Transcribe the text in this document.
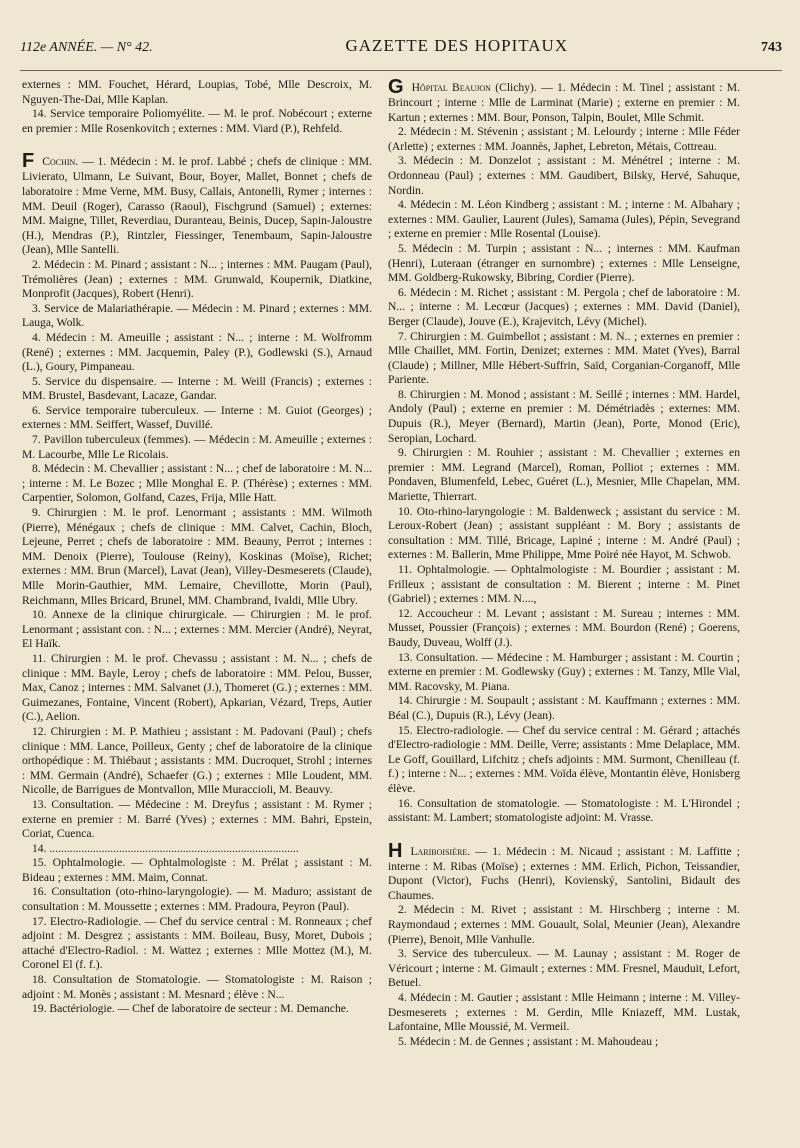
112e ANNÉE. — N° 42.	GAZETTE DES HOPITAUX	743

externes : MM. Fouchet, Hérard, Loupias, Tobé, Mlle Descroix, M. Nguyen-The-Dai, Mlle Kaplan.

14. Service temporaire Poliomyélite. — M. le prof. Nobécourt ; externe en premier : Mlle Rosenkovitch ; externes : MM. Viard (P.), Rehfeld.

F Cochin. — 1. Médecin : M. le prof. Labbé ; chefs de clinique : MM. Livierato, Ulmann, Le Suivant, Bour, Boyer, Mallet, Bonnet ; chefs de laboratoire : Mme Verne, MM. Busy, Callais, Antonelli, Rymer ; internes : MM. Deuil (Roger), Carasso (Raoul), Fischgrund (Samuel) ; externes: MM. Maigne, Tillet, Reverdiau, Duranteau, Beinis, Ducep, Sapin-Jaloustre (H.), Mendras (P.), Rintzler, Fiessinger, Tenembaum, Sapin-Jaloustre (Jean), Mlle Santelli.

2. Médecin : M. Pinard ; assistant : N... ; internes : MM. Paugam (Paul), Trémolières (Jean) ; externes : MM. Grunwald, Koupernik, Diatkine, Monprofit (Jacques), Robert (Henri).

3. Service de Malariathérapie. — Médecin : M. Pinard ; externes : MM. Lauga, Wolk.

4. Médecin : M. Ameuille ; assistant : N... ; interne : M. Wolfromm (René) ; externes : MM. Jacquemin, Paley (P.), Godlewski (S.), Arnaud (L.), Goury, Pimpaneau.

5. Service du dispensaire. — Interne : M. Weill (Francis) ; externes : MM. Brustel, Basdevant, Lacaze, Gandar.

6. Service temporaire tuberculeux. — Interne : M. Guiot (Georges) ; externes : MM. Seiffert, Wassef, Duvillé.

7. Pavillon tuberculeux (femmes). — Médecin : M. Ameuille ; externes : M. Lacourbe, Mlle Le Ricolais.

8. Médecin : M. Chevallier ; assistant : N... ; chef de laboratoire : M. N... ; interne : M. Le Bozec ; Mlle Monghal E. P. (Thérèse) ; externes : MM. Carpentier, Solomon, Golfand, Cazes, Frija, Mlle Hatt.

9. Chirurgien : M. le prof. Lenormant ; assistants : MM. Wilmoth (Pierre), Ménégaux ; chefs de clinique : MM. Calvet, Cachin, Bloch, Lejeune, Perret ; chefs de laboratoire : MM. Beauny, Perrot ; internes : MM. Denoix (Pierre), Toulouse (Reiny), Koskinas (Moïse), Richet; externes : MM. Brun (Marcel), Lavat (Jean), Villey-Desmeserets (Claude), Mlle Morin-Gauthier, MM. Lemaire, Chevillotte, Morin (Paul), Reichmann, Mlles Bricard, Brunel, MM. Chambrand, Ivaldi, Mlle Ubry.

10. Annexe de la clinique chirurgicale. — Chirurgien : M. le prof. Lenormant ; assistant con. : N... ; externes : MM. Mercier (André), Neyrat, El Haïk.

11. Chirurgien : M. le prof. Chevassu ; assistant : M. N... ; chefs de clinique : MM. Bayle, Leroy ; chefs de laboratoire : MM. Pelou, Busser, Max, Canoz ; internes : MM. Salvanet (J.), Thomeret (G.) ; externes : MM. Guimezanes, Fontaine, Vincent (Robert), Apkarian, Vézard, Treps, Autier (C.), Aelion.

12. Chirurgien : M. P. Mathieu ; assistant : M. Padovani (Paul) ; chefs clinique : MM. Lance, Poilleux, Genty ; chef de laboratoire de la clinique orthopédique : M. Thiébaut ; assistants : MM. Ducroquet, Strohl ; internes : MM. Germain (André), Schaefer (G.) ; externes : Mlle Loudent, MM. Nicolle, de Barrigues de Montvallon, Mlle Muraccioli, M. Beauvy.

13. Consultation. — Médecine : M. Dreyfus ; assistant : M. Rymer ; externe en premier : M. Barré (Yves) ; externes : MM. Bahri, Epstein, Coriat, Cuenca.

14. ......................................................................................

15. Ophtalmologie. — Ophtalmologiste : M. Prélat ; assistant : M. Bideau ; externes : MM. Maim, Connat.

16. Consultation (oto-rhino-laryngologie). — M. Maduro; assistant de consultation : M. Moussette ; externes : MM. Pradoura, Peyron (Paul).

17. Electro-Radiologie. — Chef du service central : M. Ronneaux ; chef adjoint : M. Desgrez ; assistants : MM. Boileau, Busy, Moret, Dubois ; attaché d'Electro-Radiol. : M. Wattez ; externes : Mlle Mottez (M.), M. Coronel El (f. f.).

18. Consultation de Stomatologie. — Stomatologiste : M. Raison ; adjoint : M. Monès ; assistant : M. Mesnard ; élève : N...

19. Bactériologie. — Chef de laboratoire de secteur : M. Demanche.

G Hôpital Beaujon (Clichy). — 1. Médecin : M. Tinel ; assistant : M. Brincourt ; interne : Mlle de Larminat (Marie) ; externe en premier : M. Kartun ; externes : MM. Bour, Ponson, Talpin, Boulet, Mlle Schmit.

2. Médecin : M. Stévenin ; assistant ; M. Lelourdy ; interne : Mlle Féder (Arlette) ; externes : MM. Joannès, Japhet, Lebreton, Métais, Cottreau.

3. Médecin : M. Donzelot ; assistant : M. Ménétrel ; interne : M. Ordonneau (Paul) ; externes : MM. Gaudibert, Bilsky, Hervé, Sahuque, Nordin.

4. Médecin : M. Léon Kindberg ; assistant : M. ; interne : M. Albahary ; externes : MM. Gaulier, Laurent (Jules), Samama (Jules), Pépin, Sevegrand ; externe en premier : Mlle Rosental (Louise).

5. Médecin : M. Turpin ; assistant : N... ; internes : MM. Kaufman (Henri), Luteraan (étranger en surnombre) ; externes : Mlle Lenseigne, MM. Goldberg-Rukowsky, Bibring, Cordier (Pierre).

6. Médecin : M. Richet ; assistant : M. Pergola ; chef de laboratoire : M. N... ; interne : M. Lecœur (Jacques) ; externes : MM. David (Daniel), Berger (Claude), Jouve (E.), Krajevitch, Lévy (Michel).

7. Chirurgien : M. Guimbellot ; assistant : M. N.. ; externes en premier : Mlle Chaillet, MM. Fortin, Denizet; externes : MM. Matet (Yves), Barral (Claude) ; Millner, Mlle Hébert-Suffrin, Saïd, Corganian-Corganoff, Mlle Pariente.

8. Chirurgien : M. Monod ; assistant : M. Seillé ; internes : MM. Hardel, Andoly (Paul) ; externe en premier : M. Démétriadès ; externes: MM. Dupuis (R.), Meyer (Bernard), Martin (Jean), Porte, Monod (Eric), Seropian, Lochard.

9. Chirurgien : M. Rouhier ; assistant : M. Chevallier ; externes en premier : MM. Legrand (Marcel), Roman, Polliot ; externes : MM. Pondaven, Blumenfeld, Lebec, Guéret (L.), Mesnier, Mlle Chapelan, MM. Mariette, Thierrart.

10. Oto-rhino-laryngologie : M. Baldenweck ; assistant du service : M. Leroux-Robert (Jean) ; assistant suppléant : M. Bory ; assistants de consultation : MM. Tillé, Bricage, Lapiné ; interne : M. André (Paul) ; externes : M. Ballerin, Mme Philippe, Mme Poiré née Hayot, M. Schwob.

11. Ophtalmologie. — Ophtalmologiste : M. Bourdier ; assistant : M. Frilleux ; assistant de consultation : M. Bierent ; interne : M. Pinet (Gabriel) ; externes : MM. N....,

12. Accoucheur : M. Levant ; assistant : M. Sureau ; internes : MM. Musset, Poussier (François) ; externes : MM. Bourdon (René) ; Goerens, Baudy, Duveau, Wolff (J.).

13. Consultation. — Médecine : M. Hamburger ; assistant : M. Courtin ; externe en premier : M. Godlewsky (Guy) ; externes : M. Tanzy, Mlle Vial, MM. Racovsky, M. Piana.

14. Chirurgie : M. Soupault ; assistant : M. Kauffmann ; externes : MM. Béal (C.), Dupuis (R.), Lévy (Jean).

15. Electro-radiologie. — Chef du service central : M. Gérard ; attachés d'Electro-radiologie : MM. Deille, Verre; assistants : Mme Delaplace, MM. Le Goff, Gouillard, Lifchitz ; chefs adjoints : MM. Surmont, Chenilleau (f. f.) ; interne : N... ; externes : MM. Voïda élève, Montantin élève, Honisberg élève.

16. Consultation de stomatologie. — Stomatologiste : M. L'Hirondel ; assistant: M. Lambert; stomatologiste adjoint: M. Vrasse.

H Lariboisière. — 1. Médecin : M. Nicaud ; assistant : M. Laffitte ; interne : M. Ribas (Moïse) ; externes : MM. Erlich, Pichon, Teissandier, Dupont (Victor), Fuchs (Henri), Kovienský, Santolini, Bidault des Chaumes.

2. Médecin : M. Rivet ; assistant : M. Hirschberg ; interne : M. Raymondaud ; externes : MM. Gouault, Solal, Meunier (Jean), Alexandre (Pierre), Benoit, Mlle Vanhulle.

3. Service des tuberculeux. — M. Launay ; assistant : M. Roger de Véricourt ; interne : M. Gimault ; externes : MM. Fresnel, Mauduit, Lefort, Betuel.

4. Médecin : M. Gautier ; assistant : Mlle Heimann ; interne : M. Villey-Desmeserets ; externes : M. Gerdin, Mlle Kniazeff, MM. Lustak, Lafontaine, Mlle Moussié, M. Vermeil.

5. Médecin : M. de Gennes ; assistant : M. Mahoudeau ;
